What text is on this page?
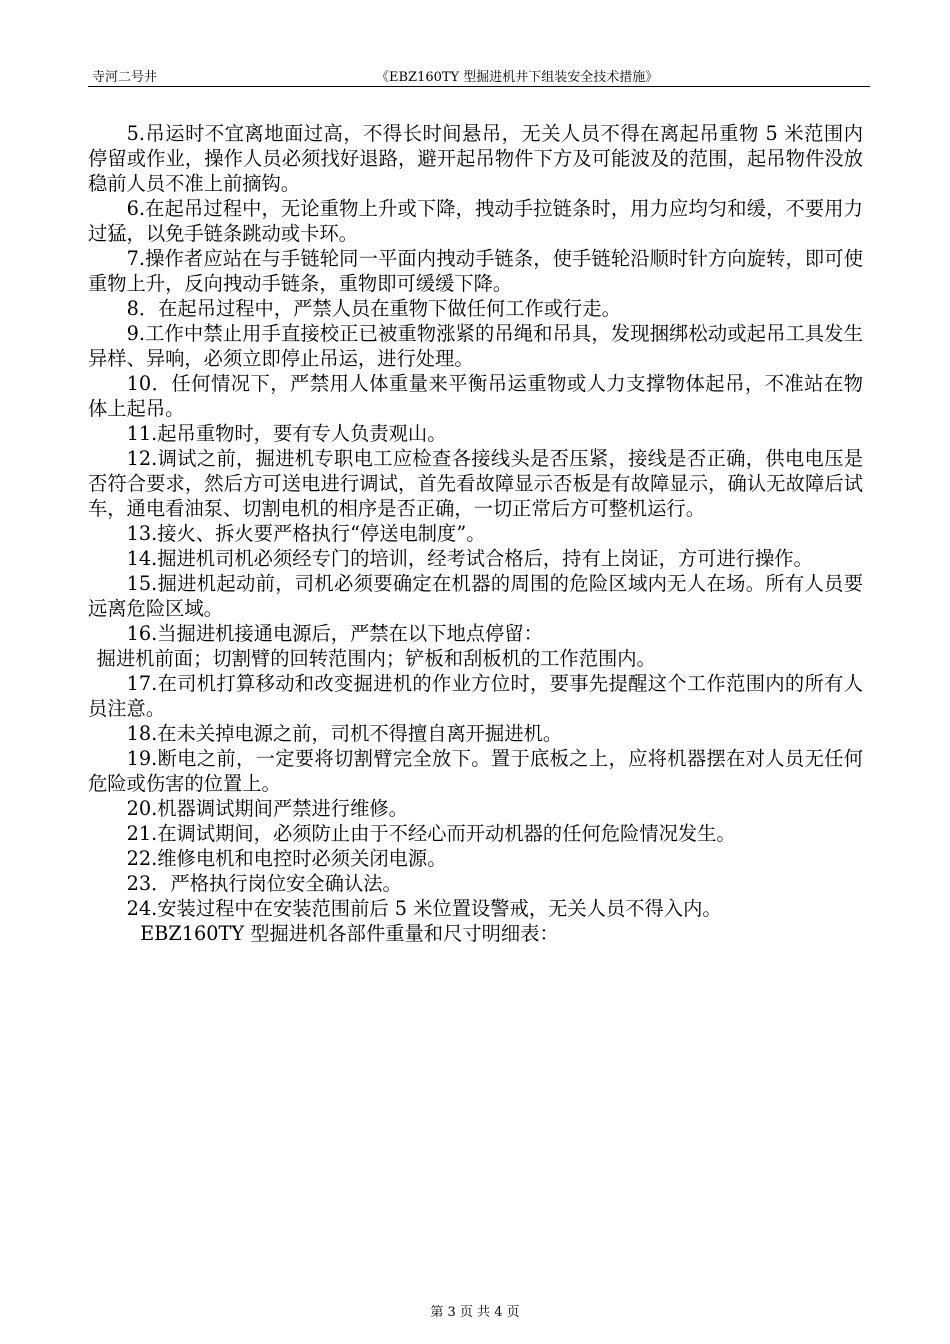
寺河二号井	《EBZ160TY 型掘进机井下组装安全技术措施》

5.吊运时不宜离地面过高，不得长时间悬吊，无关人员不得在离起吊重物 5 米范围内停留或作业，操作人员必须找好退路，避开起吊物件下方及可能波及的范围，起吊物件没放稳前人员不准上前摘钩。

6.在起吊过程中，无论重物上升或下降，拽动手拉链条时，用力应均匀和缓，不要用力过猛，以免手链条跳动或卡环。

7.操作者应站在与手链轮同一平面内拽动手链条，使手链轮沿顺时针方向旋转，即可使重物上升，反向拽动手链条，重物即可缓缓下降。

8．在起吊过程中，严禁人员在重物下做任何工作或行走。

9.工作中禁止用手直接校正已被重物涨紧的吊绳和吊具，发现捆绑松动或起吊工具发生异样、异响，必须立即停止吊运，进行处理。

10．任何情况下，严禁用人体重量来平衡吊运重物或人力支撑物体起吊，不准站在物体上起吊。

11.起吊重物时，要有专人负责观山。

12.调试之前，掘进机专职电工应检查各接线头是否压紧，接线是否正确，供电电压是否符合要求，然后方可送电进行调试，首先看故障显示否板是有故障显示，确认无故障后试车，通电看油泵、切割电机的相序是否正确，一切正常后方可整机运行。

13.接火、拆火要严格执行“停送电制度”。

14.掘进机司机必须经专门的培训，经考试合格后，持有上岗证，方可进行操作。

15.掘进机起动前，司机必须要确定在机器的周围的危险区域内无人在场。所有人员要远离危险区域。

16.当掘进机接通电源后，严禁在以下地点停留：

掘进机前面；切割臂的回转范围内；铲板和刮板机的工作范围内。

17.在司机打算移动和改变掘进机的作业方位时，要事先提醒这个工作范围内的所有人员注意。

18.在未关掉电源之前，司机不得擅自离开掘进机。

19.断电之前，一定要将切割臂完全放下。置于底板之上，应将机器摆在对人员无任何危险或伤害的位置上。

20.机器调试期间严禁进行维修。

21.在调试期间，必须防止由于不经心而开动机器的任何危险情况发生。

22.维修电机和电控时必须关闭电源。

23．严格执行岗位安全确认法。

24.安装过程中在安装范围前后 5 米位置设警戒，无关人员不得入内。

EBZ160TY 型掘进机各部件重量和尺寸明细表：

第 3 页 共 4 页
